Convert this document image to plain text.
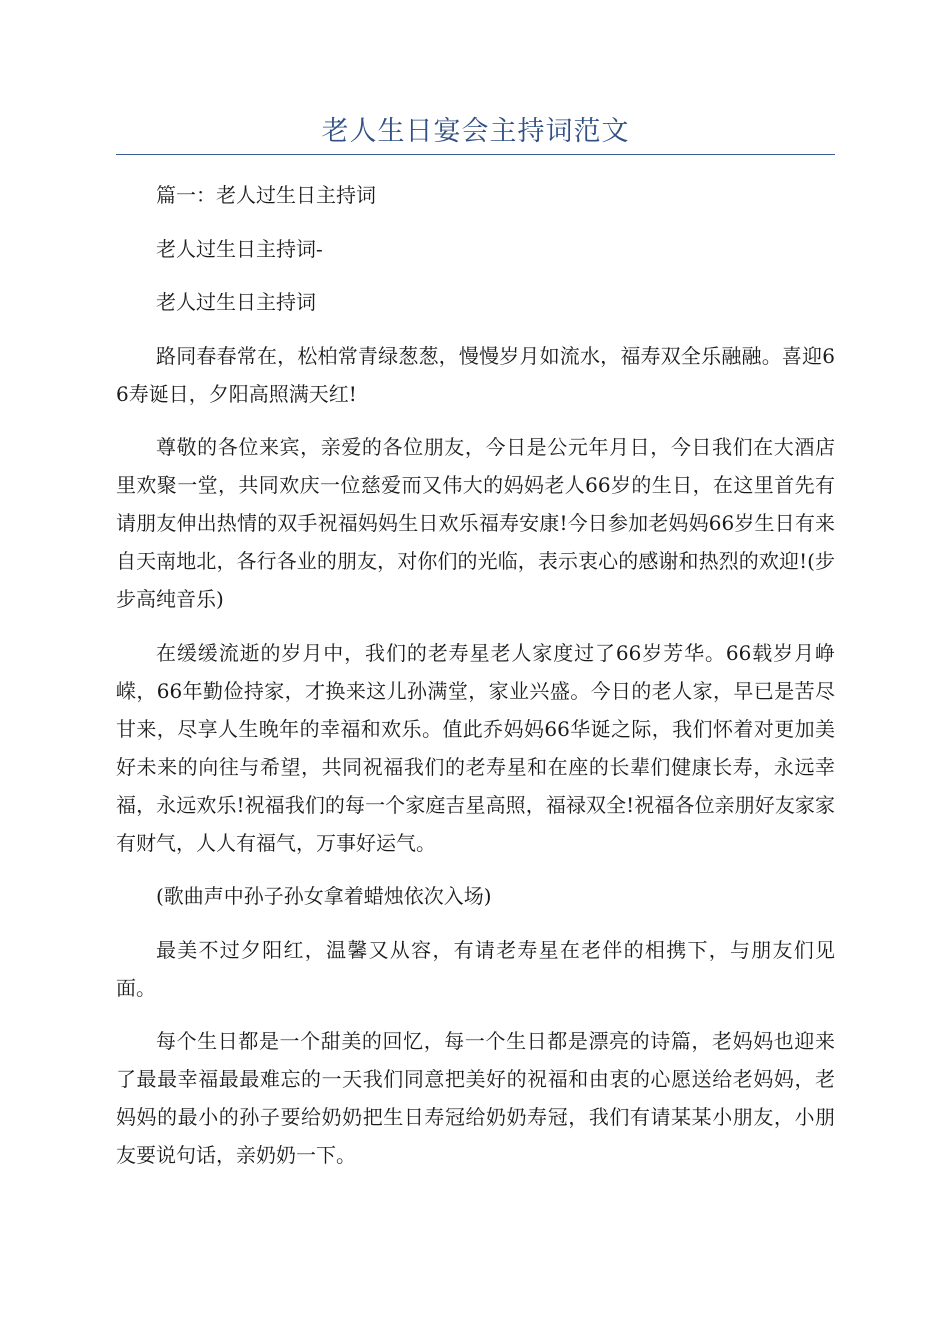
老人生日宴会主持词范文

篇一：老人过生日主持词

老人过生日主持词-

老人过生日主持词

路同春春常在，松柏常青绿葱葱，慢慢岁月如流水，福寿双全乐融融。喜迎66寿诞日，夕阳高照满天红!

尊敬的各位来宾，亲爱的各位朋友，今日是公元年月日，今日我们在大酒店里欢聚一堂，共同欢庆一位慈爱而又伟大的妈妈老人66岁的生日，在这里首先有请朋友伸出热情的双手祝福妈妈生日欢乐福寿安康!今日参加老妈妈66岁生日有来自天南地北，各行各业的朋友，对你们的光临，表示衷心的感谢和热烈的欢迎!(步步高纯音乐)

在缓缓流逝的岁月中，我们的老寿星老人家度过了66岁芳华。66载岁月峥嵘，66年勤俭持家，才换来这儿孙满堂，家业兴盛。今日的老人家，早已是苦尽甘来，尽享人生晚年的幸福和欢乐。值此乔妈妈66华诞之际，我们怀着对更加美好未来的向往与希望，共同祝福我们的老寿星和在座的长辈们健康长寿，永远幸福，永远欢乐!祝福我们的每一个家庭吉星高照，福禄双全!祝福各位亲朋好友家家有财气，人人有福气，万事好运气。

(歌曲声中孙子孙女拿着蜡烛依次入场)

最美不过夕阳红，温馨又从容，有请老寿星在老伴的相携下，与朋友们见面。

每个生日都是一个甜美的回忆，每一个生日都是漂亮的诗篇，老妈妈也迎来了最最幸福最最难忘的一天我们同意把美好的祝福和由衷的心愿送给老妈妈，老妈妈的最小的孙子要给奶奶把生日寿冠给奶奶寿冠，我们有请某某小朋友，小朋友要说句话，亲奶奶一下。
